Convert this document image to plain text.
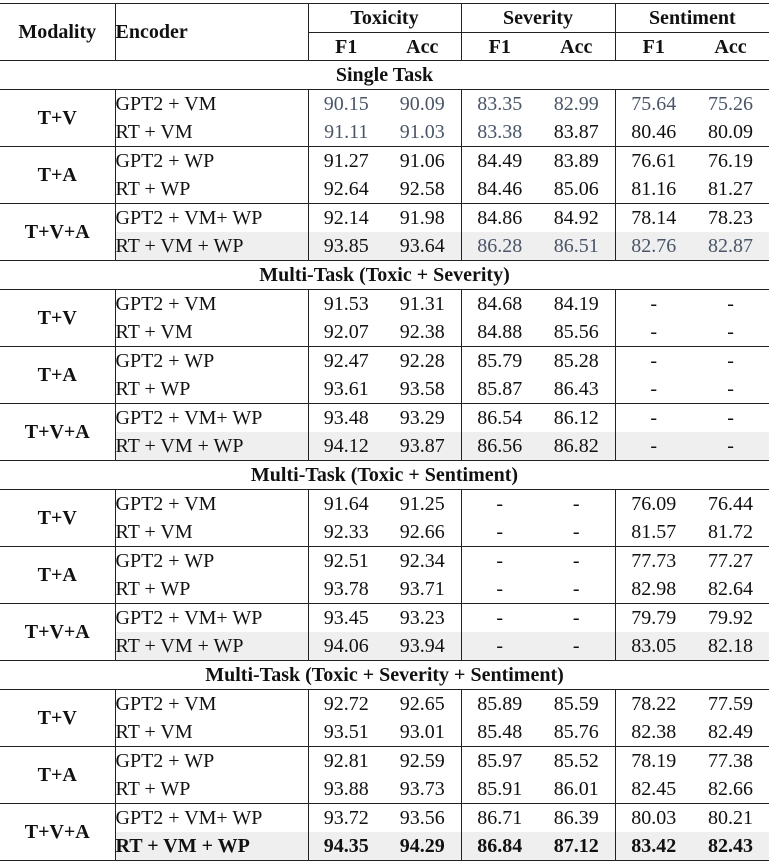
Modality	Encoder	Toxicity		Severity		Sentiment	
		F1	Acc	F1	Acc	F1	Acc
Single Task							
T+V	GPT2 + VM	90.15	90.09	83.35	82.99	75.64	75.26
	RT + VM	91.11	91.03	83.38	83.87	80.46	80.09
T+A	GPT2 + WP	91.27	91.06	84.49	83.89	76.61	76.19
	RT + WP	92.64	92.58	84.46	85.06	81.16	81.27
T+V+A	GPT2 + VM+ WP	92.14	91.98	84.86	84.92	78.14	78.23
	RT + VM + WP	93.85	93.64	86.28	86.51	82.76	82.87
Multi-Task (Toxic + Severity)							
T+V	GPT2 + VM	91.53	91.31	84.68	84.19	-	-
	RT + VM	92.07	92.38	84.88	85.56	-	-
T+A	GPT2 + WP	92.47	92.28	85.79	85.28	-	-
	RT + WP	93.61	93.58	85.87	86.43	-	-
T+V+A	GPT2 + VM+ WP	93.48	93.29	86.54	86.12	-	-
	RT + VM + WP	94.12	93.87	86.56	86.82	-	-
Multi-Task (Toxic + Sentiment)							
T+V	GPT2 + VM	91.64	91.25	-	-	76.09	76.44
	RT + VM	92.33	92.66	-	-	81.57	81.72
T+A	GPT2 + WP	92.51	92.34	-	-	77.73	77.27
	RT + WP	93.78	93.71	-	-	82.98	82.64
T+V+A	GPT2 + VM+ WP	93.45	93.23	-	-	79.79	79.92
	RT + VM + WP	94.06	93.94	-	-	83.05	82.18
Multi-Task (Toxic + Severity + Sentiment)							
T+V	GPT2 + VM	92.72	92.65	85.89	85.59	78.22	77.59
	RT + VM	93.51	93.01	85.48	85.76	82.38	82.49
T+A	GPT2 + WP	92.81	92.59	85.97	85.52	78.19	77.38
	RT + WP	93.88	93.73	85.91	86.01	82.45	82.66
T+V+A	GPT2 + VM+ WP	93.72	93.56	86.71	86.39	80.03	80.21
	RT + VM + WP	94.35	94.29	86.84	87.12	83.42	82.43
